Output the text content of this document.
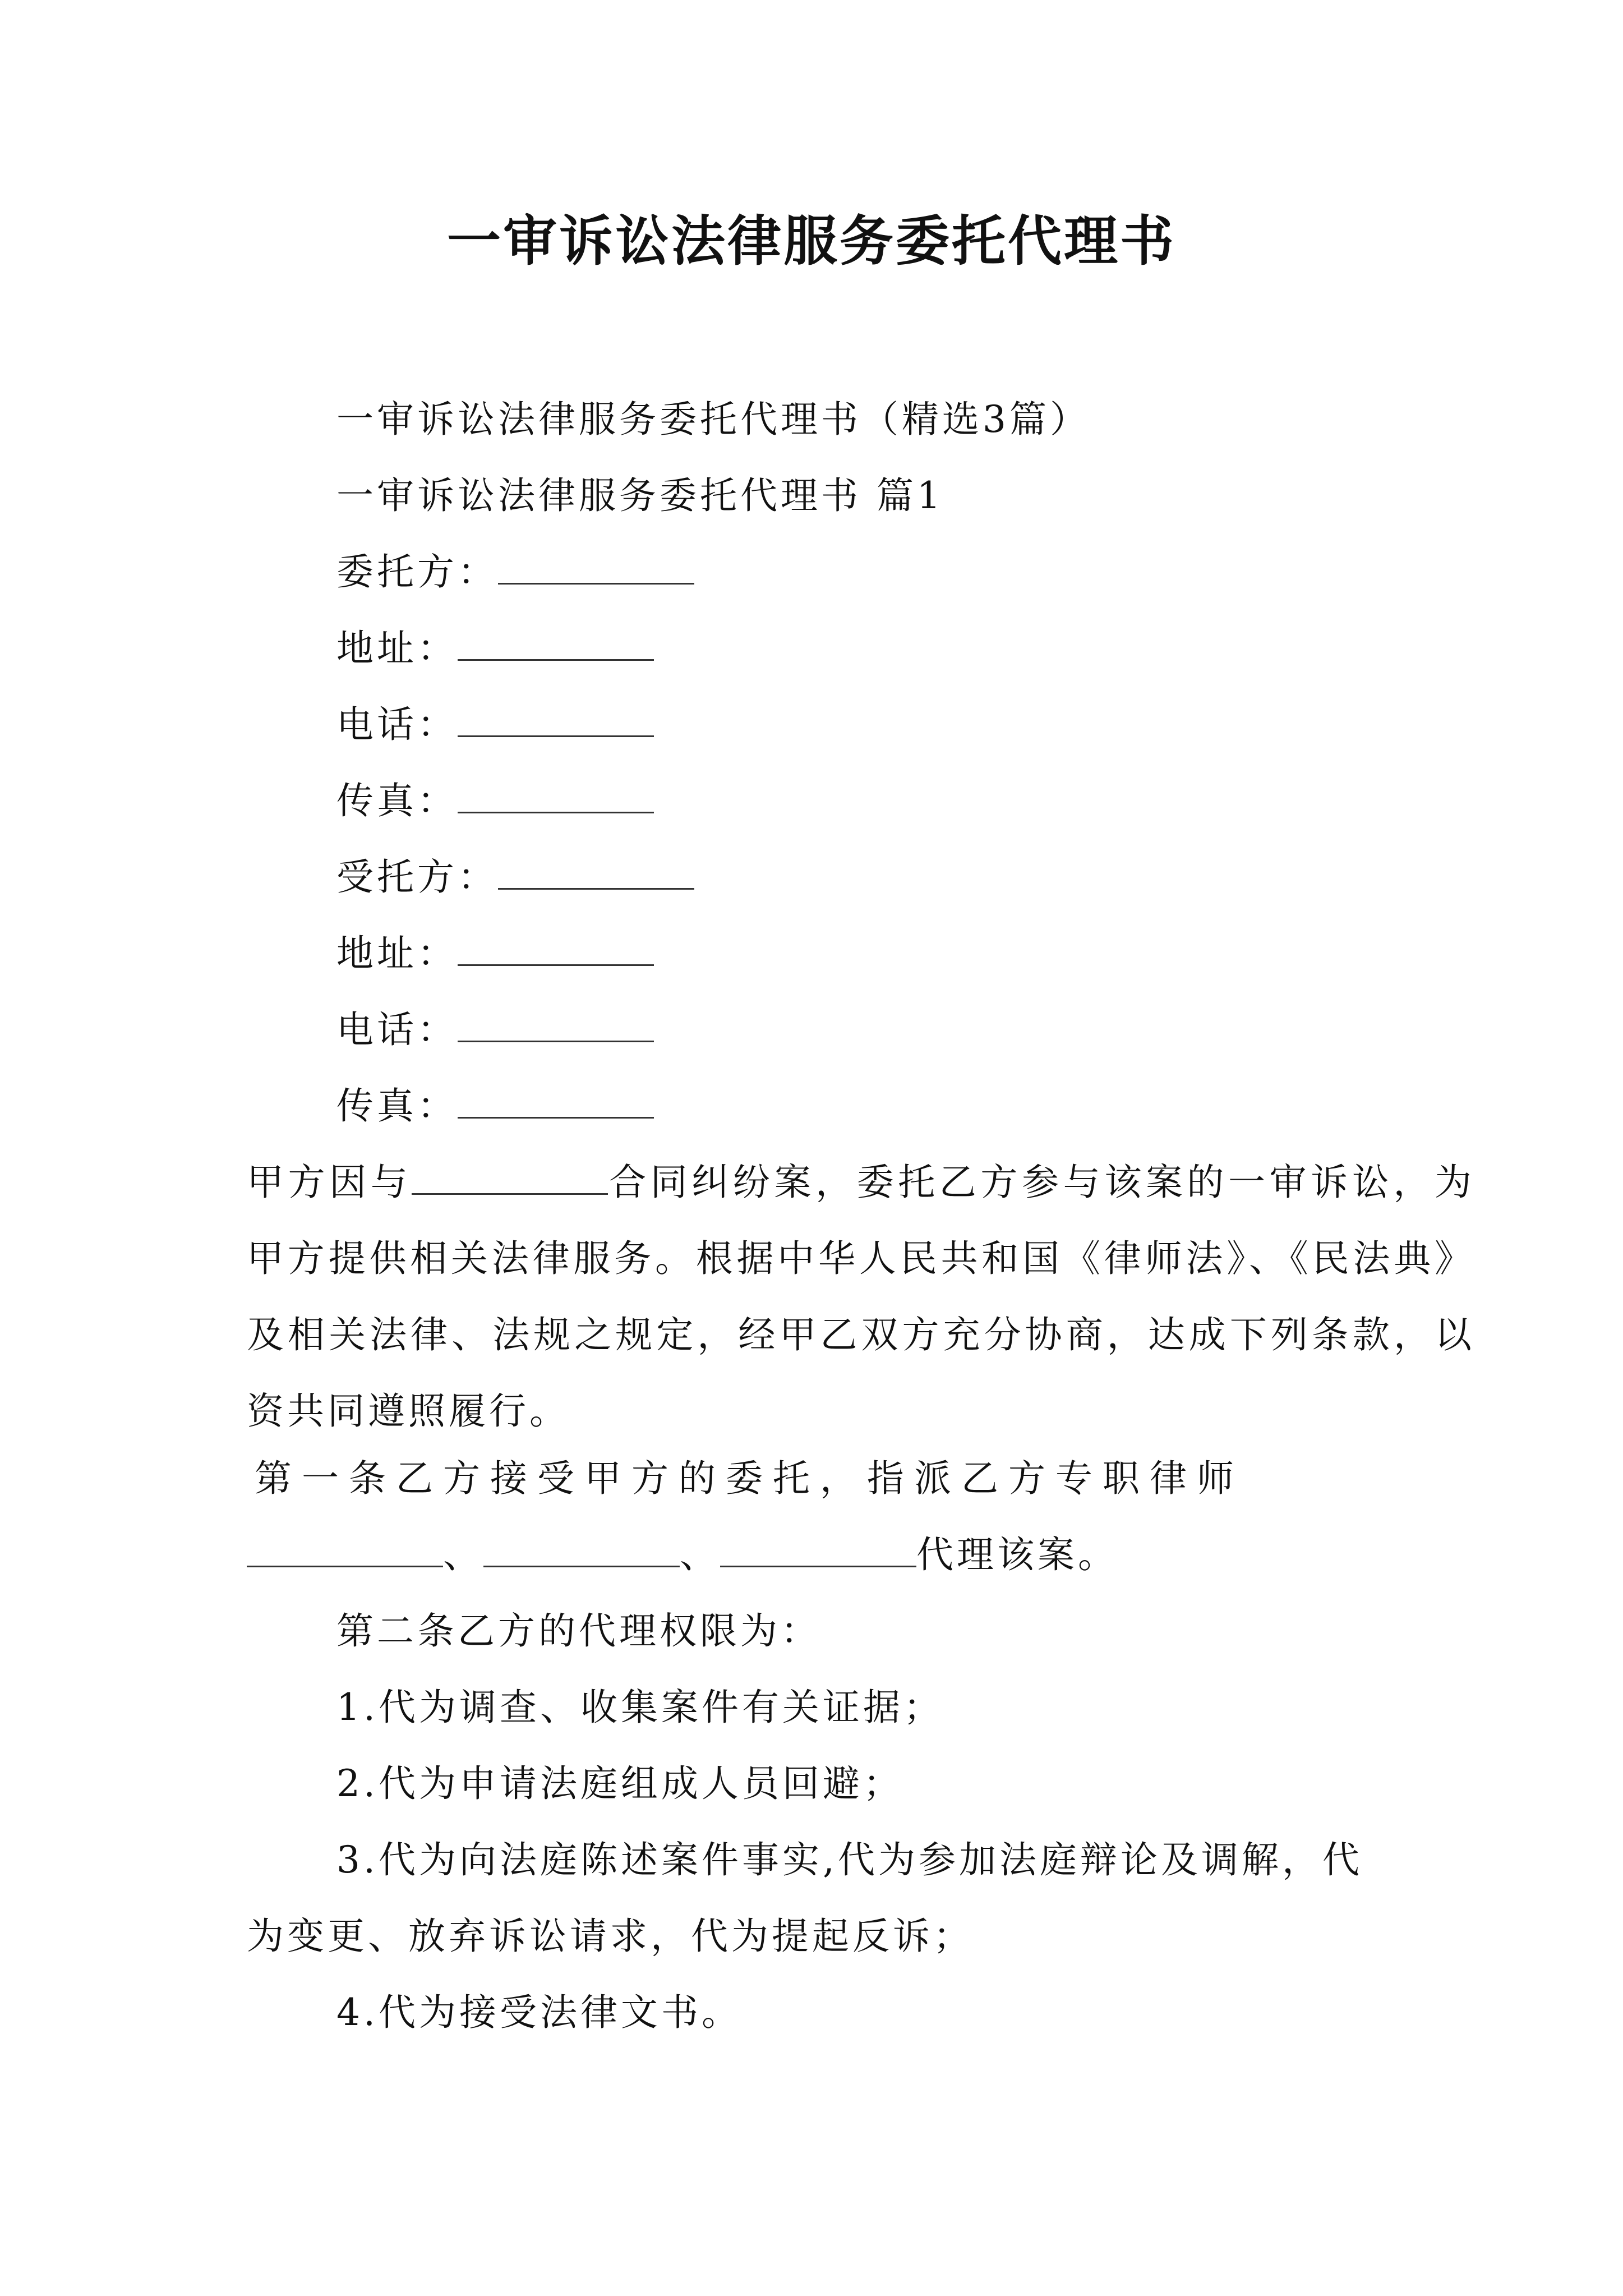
一审诉讼法律服务委托代理书
一审诉讼法律服务委托代理书（精选3篇）
一审诉讼法律服务委托代理书 篇1
委托方：
地址：
电话：
传真：
受托方：
地址：
电话：
传真：
甲方因与	合同纠纷案，委托乙方参与该案的一审诉讼，为甲方提供相关法律服务。根据中华人民共和国《律师法》、《民法典》及相关法律、法规之规定，经甲乙双方充分协商，达成下列条款，以资共同遵照履行。
第一条乙方接受甲方的委托，指派乙方专职律师
、	、	代理该案。
第二条乙方的代理权限为：
1.代为调查、收集案件有关证据；
2.代为申请法庭组成人员回避；
3.代为向法庭陈述案件事实,代为参加法庭辩论及调解，代为变更、放弃诉讼请求，代为提起反诉；
4.代为接受法律文书。
